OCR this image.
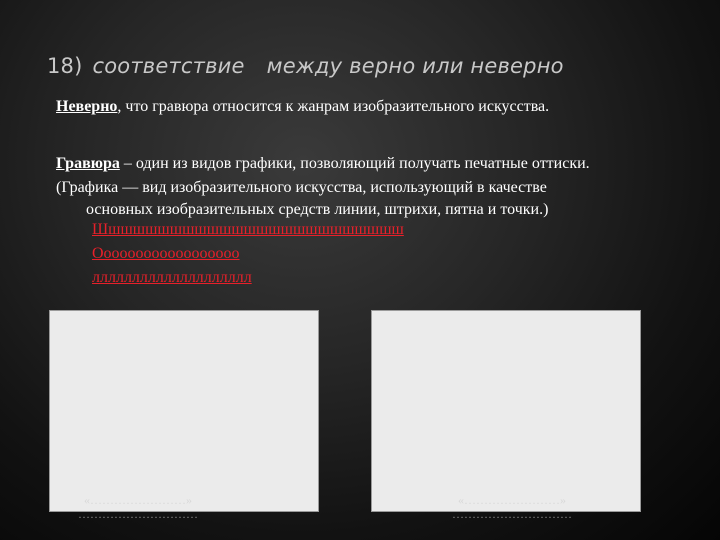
18) соответствие между верно или неверно
Неверно, что гравюра относится к жанрам изобразительного искусства.
Гравюра – один из видов графики, позволяющий получать печатные оттиски.
(Графика — вид изобразительного искусства, использующий в качестве
основных изобразительных средств линии, штрихи, пятна и точки.)
Шшшшшшшшшшшшшшшшшшшшшшшшш
Оооооооооооооооооо
лллллллллллллллллллл
«……………………»
…………………………
«……………………»
…………………………
